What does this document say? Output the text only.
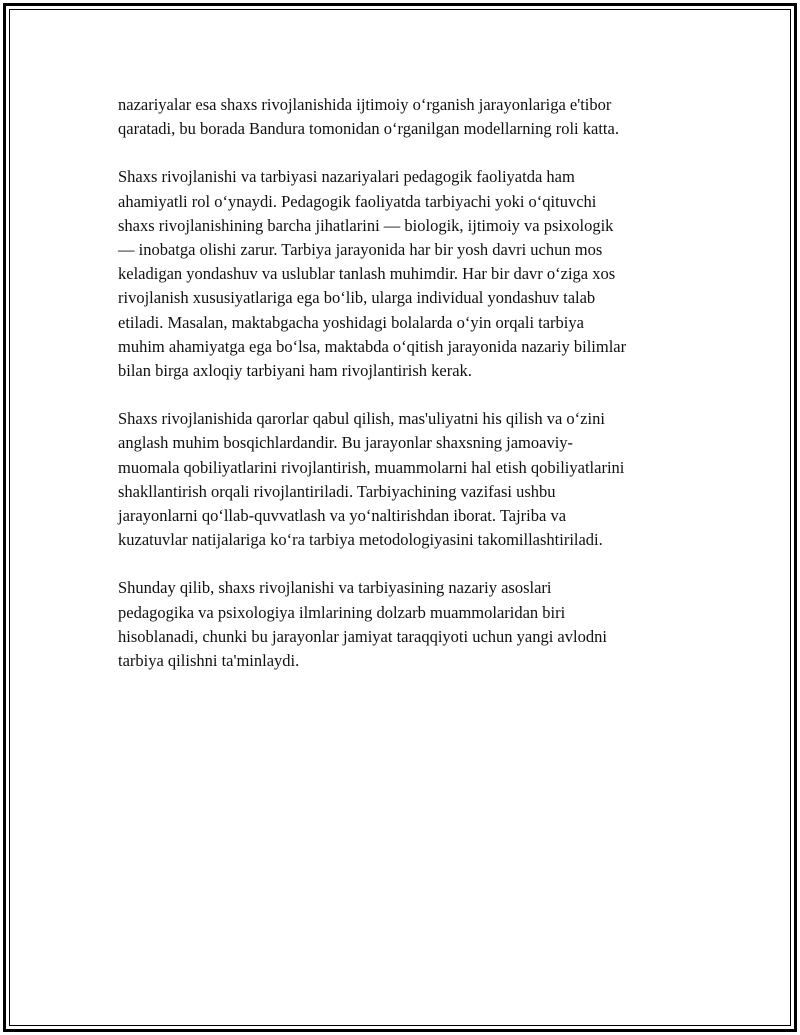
nazariyalar esa shaxs rivojlanishida ijtimoiy o‘rganish jarayonlariga e'tibor
qaratadi, bu borada Bandura tomonidan o‘rganilgan modellarning roli katta.

Shaxs rivojlanishi va tarbiyasi nazariyalari pedagogik faoliyatda ham
ahamiyatli rol o‘ynaydi. Pedagogik faoliyatda tarbiyachi yoki o‘qituvchi
shaxs rivojlanishining barcha jihatlarini — biologik, ijtimoiy va psixologik
— inobatga olishi zarur. Tarbiya jarayonida har bir yosh davri uchun mos
keladigan yondashuv va uslublar tanlash muhimdir. Har bir davr o‘ziga xos
rivojlanish xususiyatlariga ega bo‘lib, ularga individual yondashuv talab
etiladi. Masalan, maktabgacha yoshidagi bolalarda o‘yin orqali tarbiya
muhim ahamiyatga ega bo‘lsa, maktabda o‘qitish jarayonida nazariy bilimlar
bilan birga axloqiy tarbiyani ham rivojlantirish kerak.

Shaxs rivojlanishida qarorlar qabul qilish, mas'uliyatni his qilish va o‘zini
anglash muhim bosqichlardandir. Bu jarayonlar shaxsning jamoaviy-
muomala qobiliyatlarini rivojlantirish, muammolarni hal etish qobiliyatlarini
shakllantirish orqali rivojlantiriladi. Tarbiyachining vazifasi ushbu
jarayonlarni qo‘llab-quvvatlash va yo‘naltirishdan iborat. Tajriba va
kuzatuvlar natijalariga ko‘ra tarbiya metodologiyasini takomillashtiriladi.

Shunday qilib, shaxs rivojlanishi va tarbiyasining nazariy asoslari
pedagogika va psixologiya ilmlarining dolzarb muammolaridan biri
hisoblanadi, chunki bu jarayonlar jamiyat taraqqiyoti uchun yangi avlodni
tarbiya qilishni ta'minlaydi.
